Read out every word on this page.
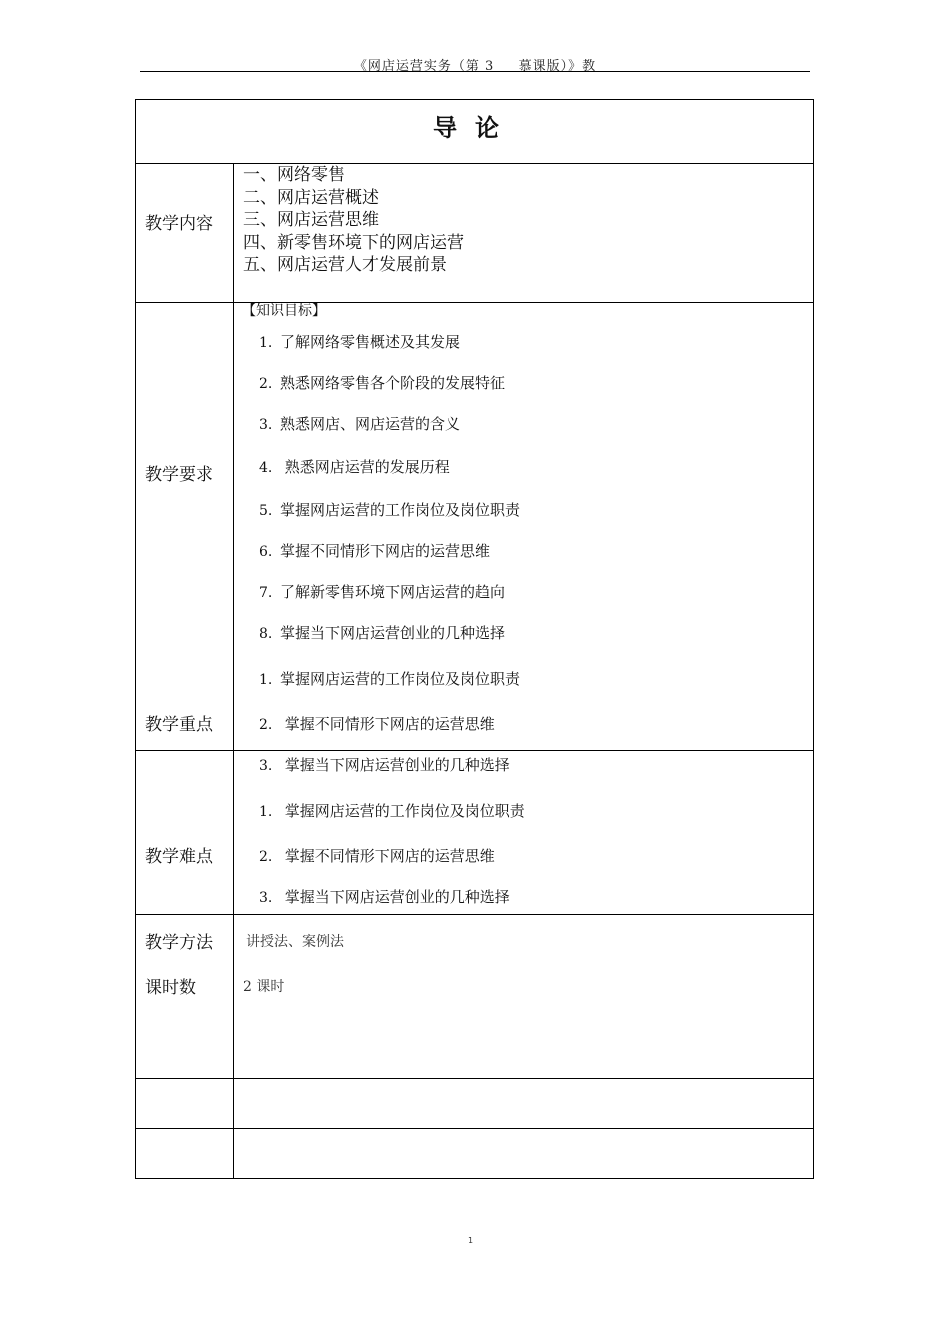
《网店运营实务（第 3 　 慕课版）》教
导论
教学内容
一、网络零售
二、网店运营概述
三、网店运营思维
四、新零售环境下的网店运营
五、网店运营人才发展前景
教学要求
【知识目标】
1. 了解网络零售概述及其发展
2. 熟悉网络零售各个阶段的发展特征
3. 熟悉网店、网店运营的含义
4. 熟悉网店运营的发展历程
5. 掌握网店运营的工作岗位及岗位职责
6. 掌握不同情形下网店的运营思维
7. 了解新零售环境下网店运营的趋向
8. 掌握当下网店运营创业的几种选择
教学重点
1. 掌握网店运营的工作岗位及岗位职责
2. 掌握不同情形下网店的运营思维
3. 掌握当下网店运营创业的几种选择
教学难点
1. 掌握网店运营的工作岗位及岗位职责
2. 掌握不同情形下网店的运营思维
3. 掌握当下网店运营创业的几种选择
教学方法 讲授法、案例法
课时数	2 课时
1
